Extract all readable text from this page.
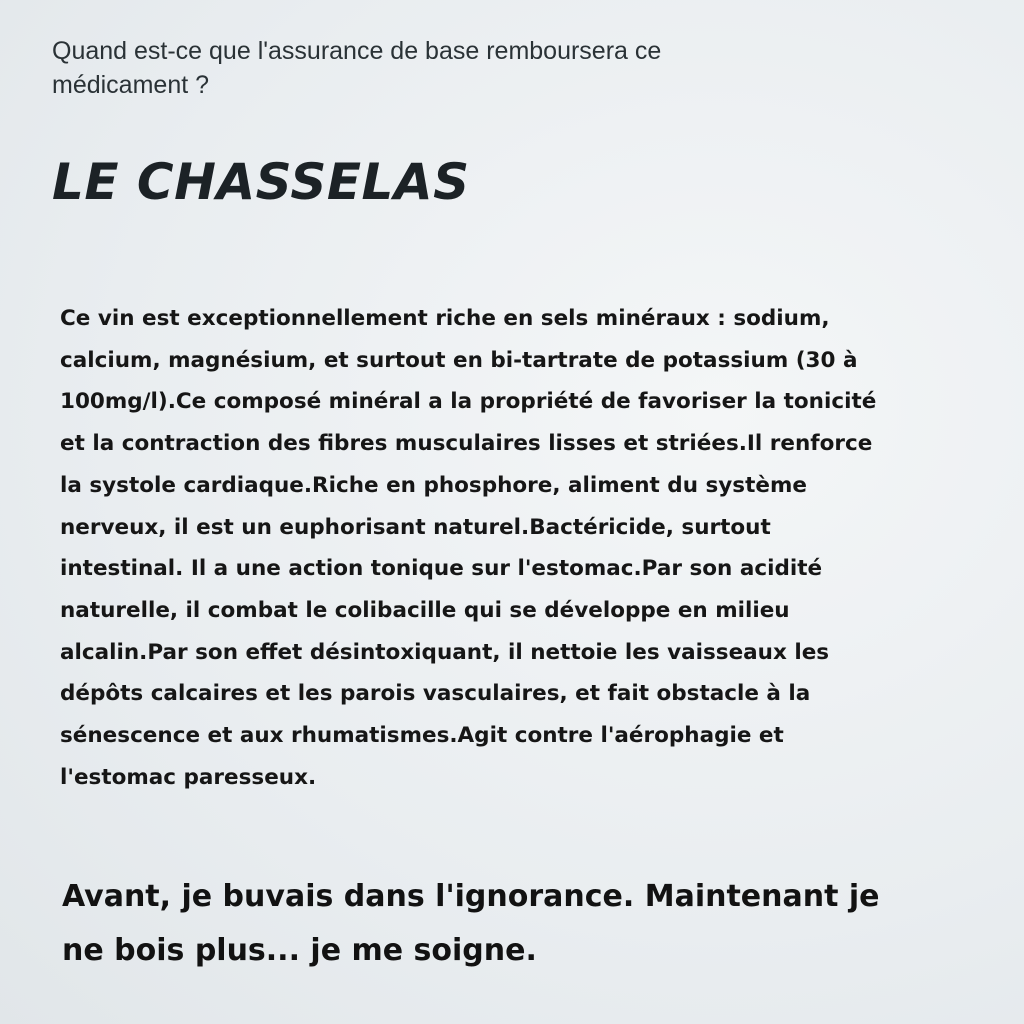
Quand est-ce que l'assurance de base remboursera ce
médicament ?

LE CHASSELAS

Ce vin est exceptionnellement riche en sels minéraux : sodium,
calcium, magnésium, et surtout en bi-tartrate de potassium (30 à
100mg/l).Ce composé minéral a la propriété de favoriser la tonicité
et la contraction des fibres musculaires lisses et striées.Il renforce
la systole cardiaque.Riche en phosphore, aliment du système
nerveux, il est un euphorisant naturel.Bactéricide, surtout
intestinal. Il a une action tonique sur l'estomac.Par son acidité
naturelle, il combat le colibacille qui se développe en milieu
alcalin.Par son effet désintoxiquant, il nettoie les vaisseaux les
dépôts calcaires et les parois vasculaires, et fait obstacle à la
sénescence et aux rhumatismes.Agit contre l'aérophagie et
l'estomac paresseux.

Avant, je buvais dans l'ignorance. Maintenant je
ne bois plus... je me soigne.
